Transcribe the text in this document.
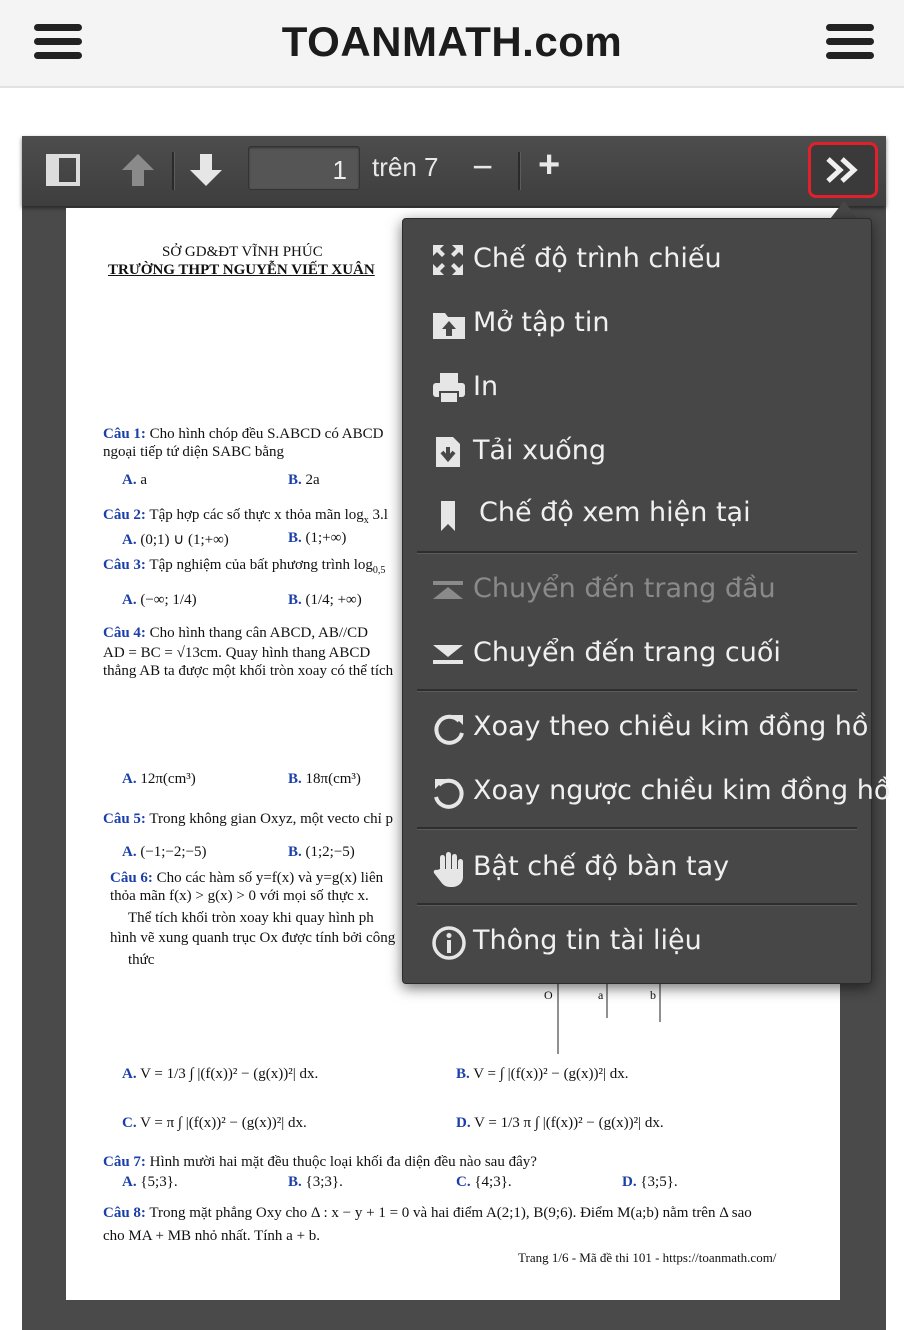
TOANMATH.com
1 trên 7 − +
SỞ GD&ĐT VĨNH PHÚC
TRƯỜNG THPT NGUYỄN VIẾT XUÂN
Câu 1: Cho hình chóp đều S.ABCD có ABCD
ngoại tiếp tứ diện SABC bằng
A. a	B. 2a
Câu 2: Tập hợp các số thực x thỏa mãn $\log_x 3.l$
A. (0;1) ∪ (1;+∞)	B. (1;+∞)
Câu 3: Tập nghiệm của bất phương trình $\log_{0,5}$
A. (−∞; 1/4)	B. (1/4; +∞)
Câu 4: Cho hình thang cân ABCD, AB//CD
AD = BC = √13cm. Quay hình thang ABCD
thẳng AB ta được một khối tròn xoay có thể tích
A. 12π(cm³)	B. 18π(cm³)
Câu 5: Trong không gian Oxyz, một vecto chỉ p
A. (−1;−2;−5)	B. (1;2;−5)
Câu 6: Cho các hàm số y=f(x) và y=g(x) liên
thỏa mãn f(x) > g(x) > 0 với mọi số thực x.
Thể tích khối tròn xoay khi quay hình ph
hình vẽ xung quanh trục Ox được tính bởi công
thức
O	a	b
A. V = 1/3 ∫ |(f(x))² − (g(x))²| dx.	B. V = ∫ |(f(x))² − (g(x))²| dx.
C. V = π ∫ |(f(x))² − (g(x))²| dx.	D. V = 1/3 π ∫ |(f(x))² − (g(x))²| dx.
Câu 7: Hình mười hai mặt đều thuộc loại khối đa diện đều nào sau đây?
A. {5;3}.	B. {3;3}.	C. {4;3}.	D. {3;5}.
Câu 8: Trong mặt phẳng Oxy cho Δ : x − y + 1 = 0 và hai điểm A(2;1), B(9;6). Điểm M(a;b) nằm trên Δ sao
cho MA + MB nhỏ nhất. Tính a + b.
Trang 1/6 - Mã đề thi 101 - https://toanmath.com/
Chế độ trình chiếu
Mở tập tin
In
Tải xuống
Chế độ xem hiện tại
Chuyển đến trang đầu
Chuyển đến trang cuối
Xoay theo chiều kim đồng hồ
Xoay ngược chiều kim đồng hồ
Bật chế độ bàn tay
Thông tin tài liệu
